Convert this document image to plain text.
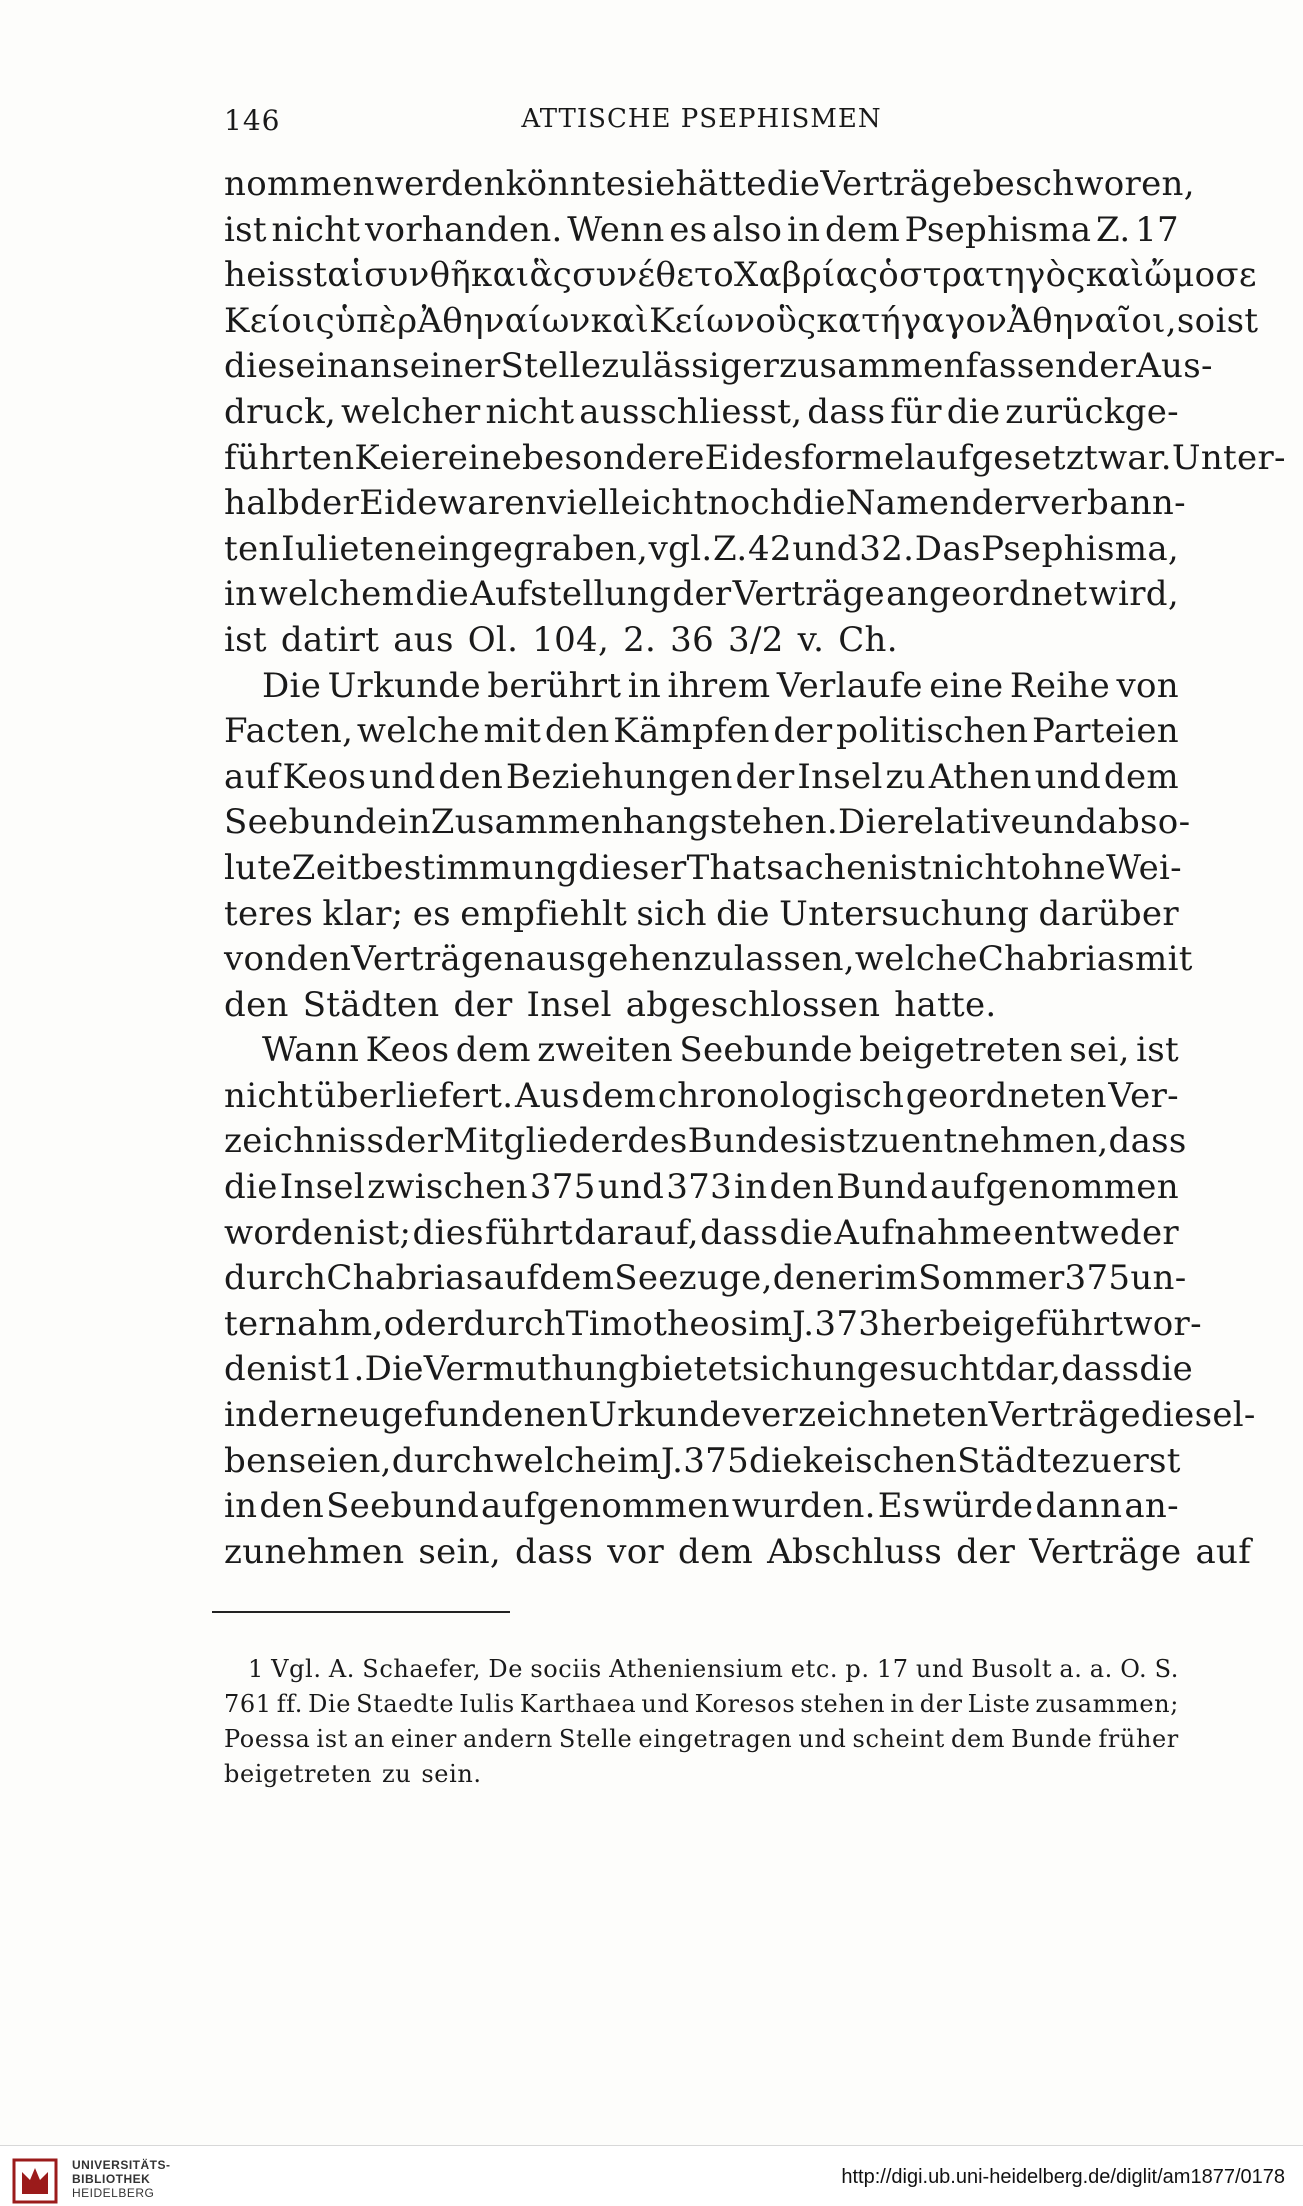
146	ATTISCHE PSEPHISMEN
nommen werden könnte sie hätte die Verträge beschworen,
ist nicht vorhanden. Wenn es also in dem Psephisma Z. 17
heisst αἱ συνθῆκαι ἃς συνέθετο Χαβρίας ὁ στρατηγὸς καὶ ὤμοσε
Κείοις ὑπὲρ Ἀθηναίων καὶ Κείων οὓς κατήγαγον Ἀθηναῖοι, so ist
dies ein an seiner Stelle zulässiger zusammenfassender Aus-
druck, welcher nicht ausschliesst, dass für die zurückge-
führten Keier eine besondere Eidesformel aufgesetzt war. Unter-
halb der Eide waren vielleicht noch die Namen der verbann-
ten Iulieten eingegraben, vgl. Z. 42 und 32. Das Psephisma,
in welchem die Aufstellung der Verträge angeordnet wird,
ist datirt aus Ol. 104, 2. 36 3/2 v. Ch.
Die Urkunde berührt in ihrem Verlaufe eine Reihe von
Facten, welche mit den Kämpfen der politischen Parteien
auf Keos und den Beziehungen der Insel zu Athen und dem
Seebunde in Zusammenhang stehen. Die relative und abso-
lute Zeitbestimmung dieser Thatsachen ist nicht ohne Wei-
teres klar; es empfiehlt sich die Untersuchung darüber
von den Verträgen ausgehen zu lassen, welche Chabrias mit
den Städten der Insel abgeschlossen hatte.
Wann Keos dem zweiten Seebunde beigetreten sei, ist
nicht überliefert. Aus dem chronologisch geordneten Ver-
zeichniss der Mitglieder des Bundes ist zu entnehmen, dass
die Insel zwischen 375 und 373 in den Bund aufgenommen
worden ist; dies führt darauf, dass die Aufnahme entweder
durch Chabrias auf dem Seezuge, den er im Sommer 375 un-
ternahm, oder durch Timotheos im J. 373 herbeigeführt wor-
den ist 1. Die Vermuthung bietet sich ungesucht dar, dass die
in der neugefundenen Urkunde verzeichneten Verträge diesel-
ben seien, durch welche im J. 375 die keischen Städte zuerst
in den Seebund aufgenommen wurden. Es würde dann an-
zunehmen sein, dass vor dem Abschluss der Verträge auf
1 Vgl. A. Schaefer, De sociis Atheniensium etc. p. 17 und Busolt a. a. O. S.
761 ff. Die Staedte Iulis Karthaea und Koresos stehen in der Liste zusammen;
Poessa ist an einer andern Stelle eingetragen und scheint dem Bunde früher
beigetreten zu sein.
UNIVERSITÄTS-
BIBLIOTHEK
HEIDELBERG
http://digi.ub.uni-heidelberg.de/diglit/am1877/0178
